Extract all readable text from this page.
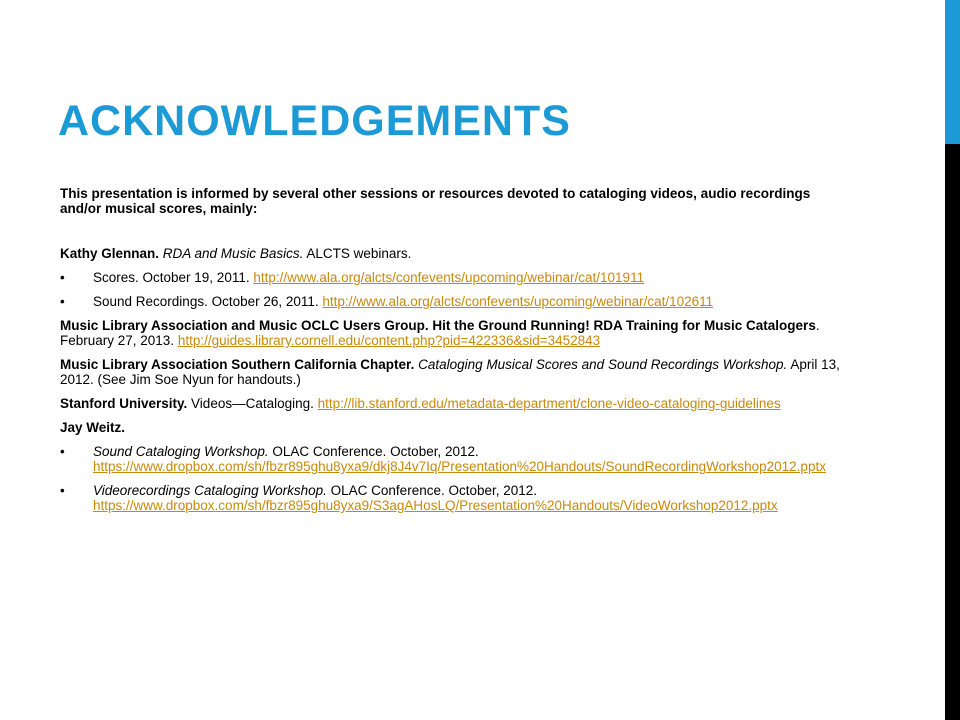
ACKNOWLEDGEMENTS

This presentation is informed by several other sessions or resources devoted to cataloging videos, audio recordings and/or musical scores, mainly:

Kathy Glennan. RDA and Music Basics. ALCTS webinars.

• Scores. October 19, 2011. http://www.ala.org/alcts/confevents/upcoming/webinar/cat/101911
• Sound Recordings. October 26, 2011. http://www.ala.org/alcts/confevents/upcoming/webinar/cat/102611

Music Library Association and Music OCLC Users Group. Hit the Ground Running! RDA Training for Music Catalogers. February 27, 2013. http://guides.library.cornell.edu/content.php?pid=422336&sid=3452843

Music Library Association Southern California Chapter. Cataloging Musical Scores and Sound Recordings Workshop. April 13, 2012. (See Jim Soe Nyun for handouts.)

Stanford University. Videos—Cataloging. http://lib.stanford.edu/metadata-department/clone-video-cataloging-guidelines

Jay Weitz.

• Sound Cataloging Workshop. OLAC Conference. October, 2012. https://www.dropbox.com/sh/fbzr895ghu8yxa9/dkj8J4v7Iq/Presentation%20Handouts/SoundRecordingWorkshop2012.pptx
• Videorecordings Cataloging Workshop. OLAC Conference. October, 2012. https://www.dropbox.com/sh/fbzr895ghu8yxa9/S3agAHosLQ/Presentation%20Handouts/VideoWorkshop2012.pptx
